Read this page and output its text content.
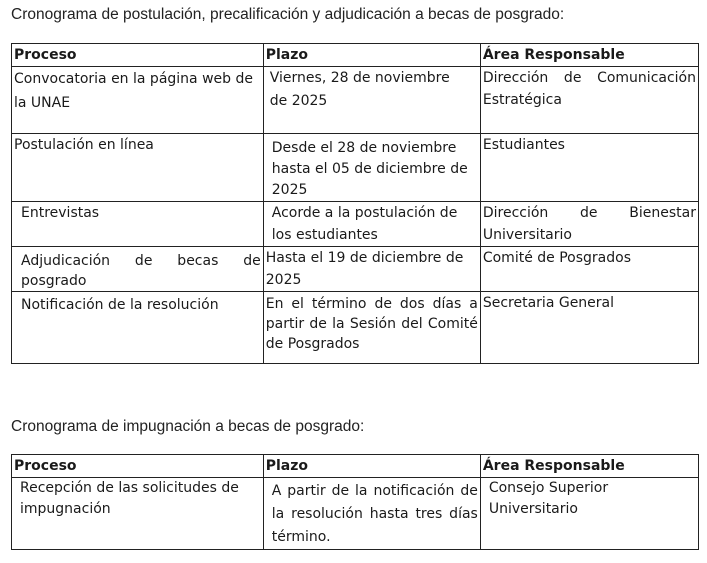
Cronograma de postulación, precalificación y adjudicación a becas de posgrado:
Proceso	Plazo	Área Responsable

Convocatoria en la página web de la UNAE	Viernes, 28 de noviembre de 2025	Dirección de Comunicación Estratégica

Postulación en línea	Desde el 28 de noviembre hasta el 05 de diciembre de 2025	Estudiantes

Entrevistas	Acorde a la postulación de los estudiantes	Dirección de Bienestar Universitario

Adjudicación de becas de posgrado	Hasta el 19 de diciembre de 2025	Comité de Posgrados

Notificación de la resolución	En el término de dos días a partir de la Sesión del Comité de Posgrados	Secretaria General
Cronograma de impugnación a becas de posgrado:
Proceso	Plazo	Área Responsable

Recepción de las solicitudes de impugnación	A partir de la notificación de la resolución hasta tres días término.	Consejo Superior Universitario
